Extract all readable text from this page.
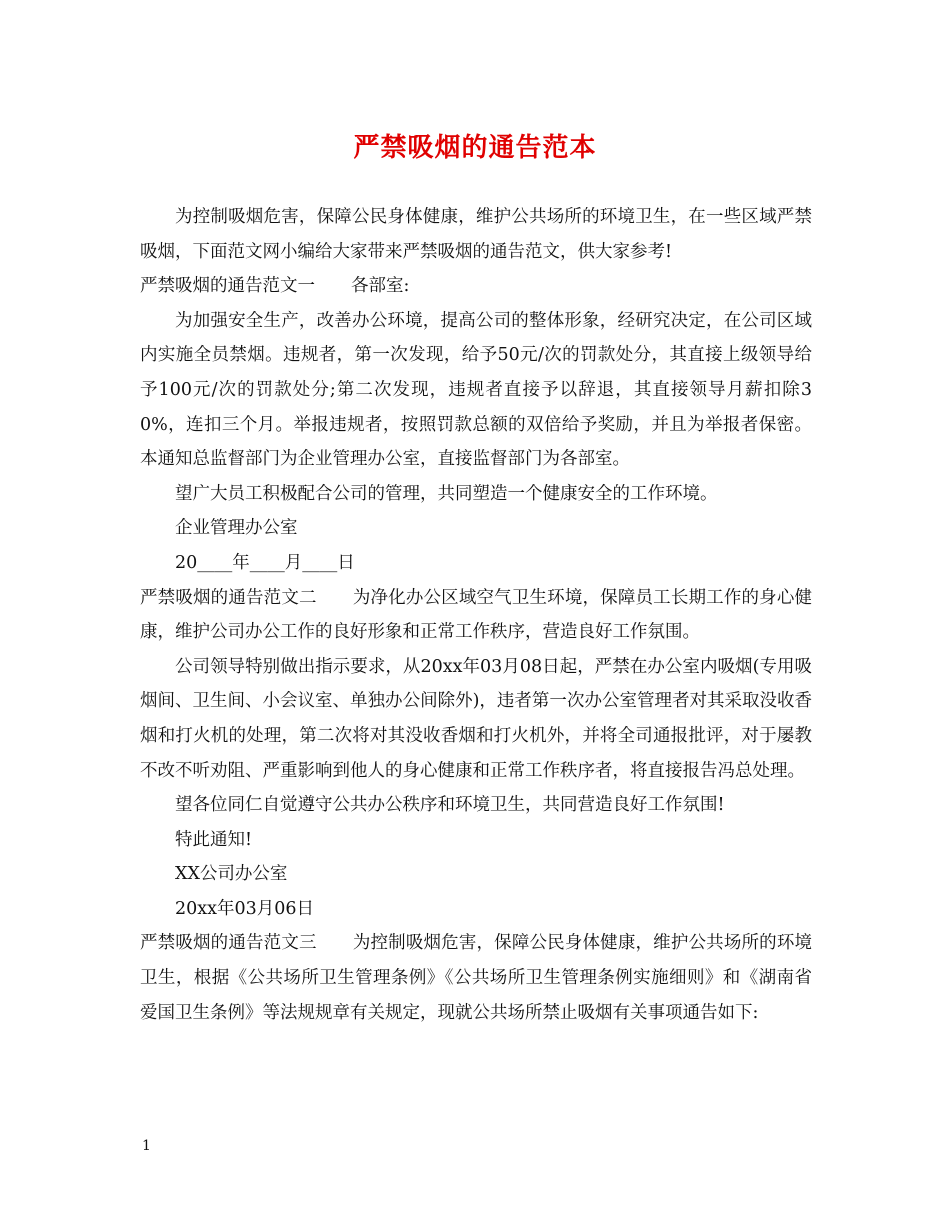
严禁吸烟的通告范本

为控制吸烟危害，保障公民身体健康，维护公共场所的环境卫生，在一些区域严禁吸烟，下面范文网小编给大家带来严禁吸烟的通告范文，供大家参考!

严禁吸烟的通告范文一 各部室:

为加强安全生产，改善办公环境，提高公司的整体形象，经研究决定，在公司区域内实施全员禁烟。违规者，第一次发现，给予50元/次的罚款处分，其直接上级领导给予100元/次的罚款处分;第二次发现，违规者直接予以辞退，其直接领导月薪扣除30%，连扣三个月。举报违规者，按照罚款总额的双倍给予奖励，并且为举报者保密。本通知总监督部门为企业管理办公室，直接监督部门为各部室。

望广大员工积极配合公司的管理，共同塑造一个健康安全的工作环境。

企业管理办公室

20____年____月____日

严禁吸烟的通告范文二 为净化办公区域空气卫生环境，保障员工长期工作的身心健康，维护公司办公工作的良好形象和正常工作秩序，营造良好工作氛围。

公司领导特别做出指示要求，从20xx年03月08日起，严禁在办公室内吸烟(专用吸烟间、卫生间、小会议室、单独办公间除外)，违者第一次办公室管理者对其采取没收香烟和打火机的处理，第二次将对其没收香烟和打火机外，并将全司通报批评，对于屡教不改不听劝阻、严重影响到他人的身心健康和正常工作秩序者，将直接报告冯总处理。

望各位同仁自觉遵守公共办公秩序和环境卫生，共同营造良好工作氛围!

特此通知!

XX公司办公室

20xx年03月06日

严禁吸烟的通告范文三 为控制吸烟危害，保障公民身体健康，维护公共场所的环境卫生，根据《公共场所卫生管理条例》《公共场所卫生管理条例实施细则》和《湖南省爱国卫生条例》等法规规章有关规定，现就公共场所禁止吸烟有关事项通告如下:

1
